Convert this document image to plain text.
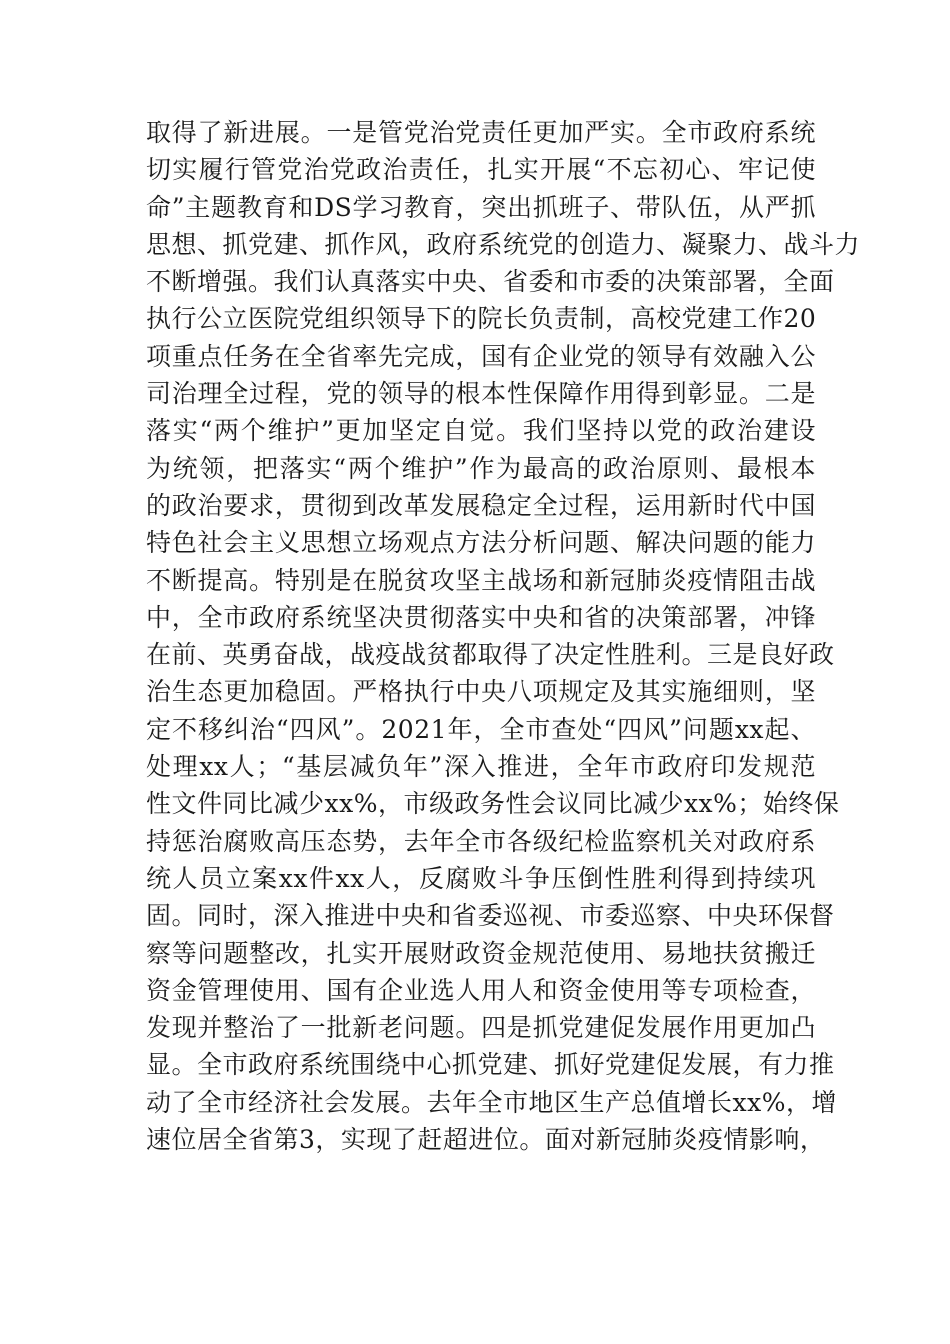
取得了新进展。一是管党治党责任更加严实。全市政府系统
切实履行管党治党政治责任，扎实开展“不忘初心、牢记使
命”主题教育和DS学习教育，突出抓班子、带队伍，从严抓
思想、抓党建、抓作风，政府系统党的创造力、凝聚力、战斗力
不断增强。我们认真落实中央、省委和市委的决策部署，全面
执行公立医院党组织领导下的院长负责制，高校党建工作20
项重点任务在全省率先完成，国有企业党的领导有效融入公
司治理全过程，党的领导的根本性保障作用得到彰显。二是
落实“两个维护”更加坚定自觉。我们坚持以党的政治建设
为统领，把落实“两个维护”作为最高的政治原则、最根本
的政治要求，贯彻到改革发展稳定全过程，运用新时代中国
特色社会主义思想立场观点方法分析问题、解决问题的能力
不断提高。特别是在脱贫攻坚主战场和新冠肺炎疫情阻击战
中，全市政府系统坚决贯彻落实中央和省的决策部署，冲锋
在前、英勇奋战，战疫战贫都取得了决定性胜利。三是良好政
治生态更加稳固。严格执行中央八项规定及其实施细则，坚
定不移纠治“四风”。2021年，全市查处“四风”问题xx起、
处理xx人；“基层减负年”深入推进，全年市政府印发规范
性文件同比减少xx%，市级政务性会议同比减少xx%；始终保
持惩治腐败高压态势，去年全市各级纪检监察机关对政府系
统人员立案xx件xx人，反腐败斗争压倒性胜利得到持续巩
固。同时，深入推进中央和省委巡视、市委巡察、中央环保督
察等问题整改，扎实开展财政资金规范使用、易地扶贫搬迁
资金管理使用、国有企业选人用人和资金使用等专项检查，
发现并整治了一批新老问题。四是抓党建促发展作用更加凸
显。全市政府系统围绕中心抓党建、抓好党建促发展，有力推
动了全市经济社会发展。去年全市地区生产总值增长xx%，增
速位居全省第3，实现了赶超进位。面对新冠肺炎疫情影响，
